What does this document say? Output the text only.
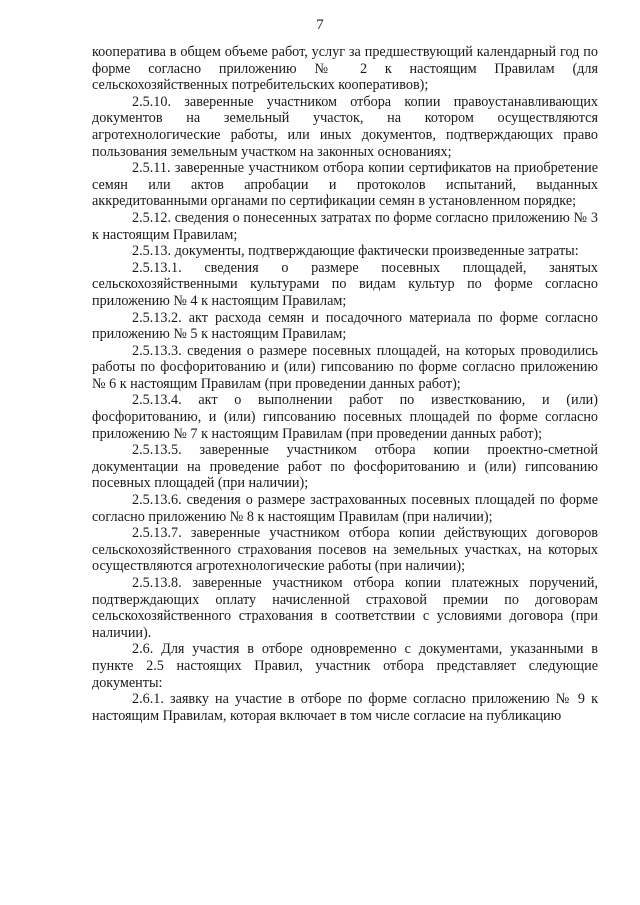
7

кооператива в общем объеме работ, услуг за предшествующий календарный год по форме согласно приложению № 2 к настоящим Правилам (для сельскохозяйственных потребительских кооперативов);

2.5.10. заверенные участником отбора копии правоустанавливающих документов на земельный участок, на котором осуществляются агротехнологические работы, или иных документов, подтверждающих право пользования земельным участком на законных основаниях;

2.5.11. заверенные участником отбора копии сертификатов на приобретение семян или актов апробации и протоколов испытаний, выданных аккредитованными органами по сертификации семян в установленном порядке;

2.5.12. сведения о понесенных затратах по форме согласно приложению № 3 к настоящим Правилам;

2.5.13. документы, подтверждающие фактически произведенные затраты:

2.5.13.1. сведения о размере посевных площадей, занятых сельскохозяйственными культурами по видам культур по форме согласно приложению № 4 к настоящим Правилам;

2.5.13.2. акт расхода семян и посадочного материала по форме согласно приложению № 5 к настоящим Правилам;

2.5.13.3. сведения о размере посевных площадей, на которых проводились работы по фосфоритованию и (или) гипсованию по форме согласно приложению № 6 к настоящим Правилам (при проведении данных работ);

2.5.13.4. акт о выполнении работ по известкованию, и (или) фосфоритованию, и (или) гипсованию посевных площадей по форме согласно приложению № 7 к настоящим Правилам (при проведении данных работ);

2.5.13.5. заверенные участником отбора копии проектно-сметной документации на проведение работ по фосфоритованию и (или) гипсованию посевных площадей (при наличии);

2.5.13.6. сведения о размере застрахованных посевных площадей по форме согласно приложению № 8 к настоящим Правилам (при наличии);

2.5.13.7. заверенные участником отбора копии действующих договоров сельскохозяйственного страхования посевов на земельных участках, на которых осуществляются агротехнологические работы (при наличии);

2.5.13.8. заверенные участником отбора копии платежных поручений, подтверждающих оплату начисленной страховой премии по договорам сельскохозяйственного страхования в соответствии с условиями договора (при наличии).

2.6. Для участия в отборе одновременно с документами, указанными в пункте 2.5 настоящих Правил, участник отбора представляет следующие документы:

2.6.1. заявку на участие в отборе по форме согласно приложению № 9 к настоящим Правилам, которая включает в том числе согласие на публикацию
